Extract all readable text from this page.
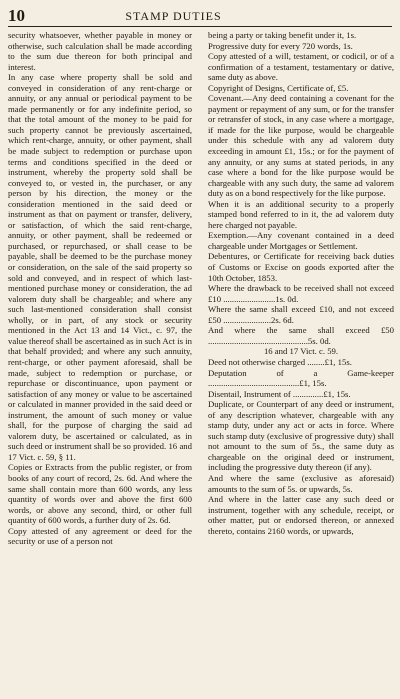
10	STAMP DUTIES

security whatsoever, whether payable in money or otherwise, such calculation shall be made according to the sum due thereon for both principal and interest.

In any case where property shall be sold and conveyed in consideration of any rent-charge or annuity, or any annual or periodical payment to be made permanently or for any indefinite period, so that the total amount of the money to be paid for such property cannot be previously ascertained, which rent-charge, annuity, or other payment, shall be made subject to redemption or purchase upon terms and conditions specified in the deed or instrument, whereby the property sold shall be conveyed to, or vested in, the purchaser, or any person by his direction, the money or the consideration mentioned in the said deed or instrument as that on payment or transfer, delivery, or satisfaction, of which the said rent-charge, annuity, or other payment, shall be redeemed or purchased, or repurchased, or shall cease to be payable, shall be deemed to be the purchase money or consideration, on the sale of the said property so sold and conveyed, and in respect of which last-mentioned purchase money or consideration, the ad valorem duty shall be chargeable; and where any such last-mentioned consideration shall consist wholly, or in part, of any stock or security mentioned in the Act 13 and 14 Vict., c. 97, the value thereof shall be ascertained as in such Act is in that behalf provided; and where any such annuity, rent-charge, or other payment aforesaid, shall be made, subject to redemption or purchase, or repurchase or discontinuance, upon payment or satisfaction of any money or value to be ascertained or calculated in manner provided in the said deed or instrument, the amount of such money or value shall, for the purpose of charging the said ad valorem duty, be ascertained or calculated, as in such deed or instrument shall be so provided. 16 and 17 Vict. c. 59, § 11.

Copies or Extracts from the public register, or from books of any court of record, 2s. 6d. And where the same shall contain more than 600 words, any less quantity of words over and above the first 600 words, or above any second, third, or other full quantity of 600 words, a further duty of 2s. 6d.

Copy attested of any agreement or deed for the security or use of a person not

being a party or taking benefit under it, 1s.

Progressive duty for every 720 words, 1s.

Copy attested of a will, testament, or codicil, or of a confirmation of a testament, testamentary or dative, same duty as above.

Copyright of Designs, Certificate of, £5.

Covenant.—Any deed containing a covenant for the payment or repayment of any sum, or for the transfer or retransfer of stock, in any case where a mortgage, if made for the like purpose, would be chargeable under this schedule with any ad valorem duty exceeding in amount £1, 15s.; or for the payment of any annuity, or any sums at stated periods, in any case where a bond for the like purpose would be chargeable with any such duty, the same ad valorem duty as on a bond respectively for the like purpose.

When it is an additional security to a properly stamped bond referred to in it, the ad valorem duty here charged not payable.

Exemption.—Any covenant contained in a deed chargeable under Mortgages or Settlement.

Debentures, or Certificate for receiving back duties of Customs or Excise on goods exported after the 10th October, 1853.

Where the drawback to be received shall not exceed £10 ........................1s. 0d.

Where the same shall exceed £10, and not exceed £50 ......................2s. 6d.

And where the same shall exceed £50 ..............................................5s. 0d.

16 and 17 Vict. c. 59.

Deed not otherwise charged ........£1, 15s.

Deputation of a Game-keeper ..........................................£1, 15s.

Disentail, Instrument of ..............£1, 15s.

Duplicate, or Counterpart of any deed or instrument, of any description whatever, chargeable with any stamp duty, under any act or acts in force. Where such stamp duty (exclusive of progressive duty) shall not amount to the sum of 5s., the same duty as chargeable on the original deed or instrument, including the progressive duty thereon (if any).

And where the same (exclusive as aforesaid) amounts to the sum of 5s. or upwards, 5s.

And where in the latter case any such deed or instrument, together with any schedule, receipt, or other matter, put or endorsed thereon, or annexed thereto, contains 2160 words, or upwards,
